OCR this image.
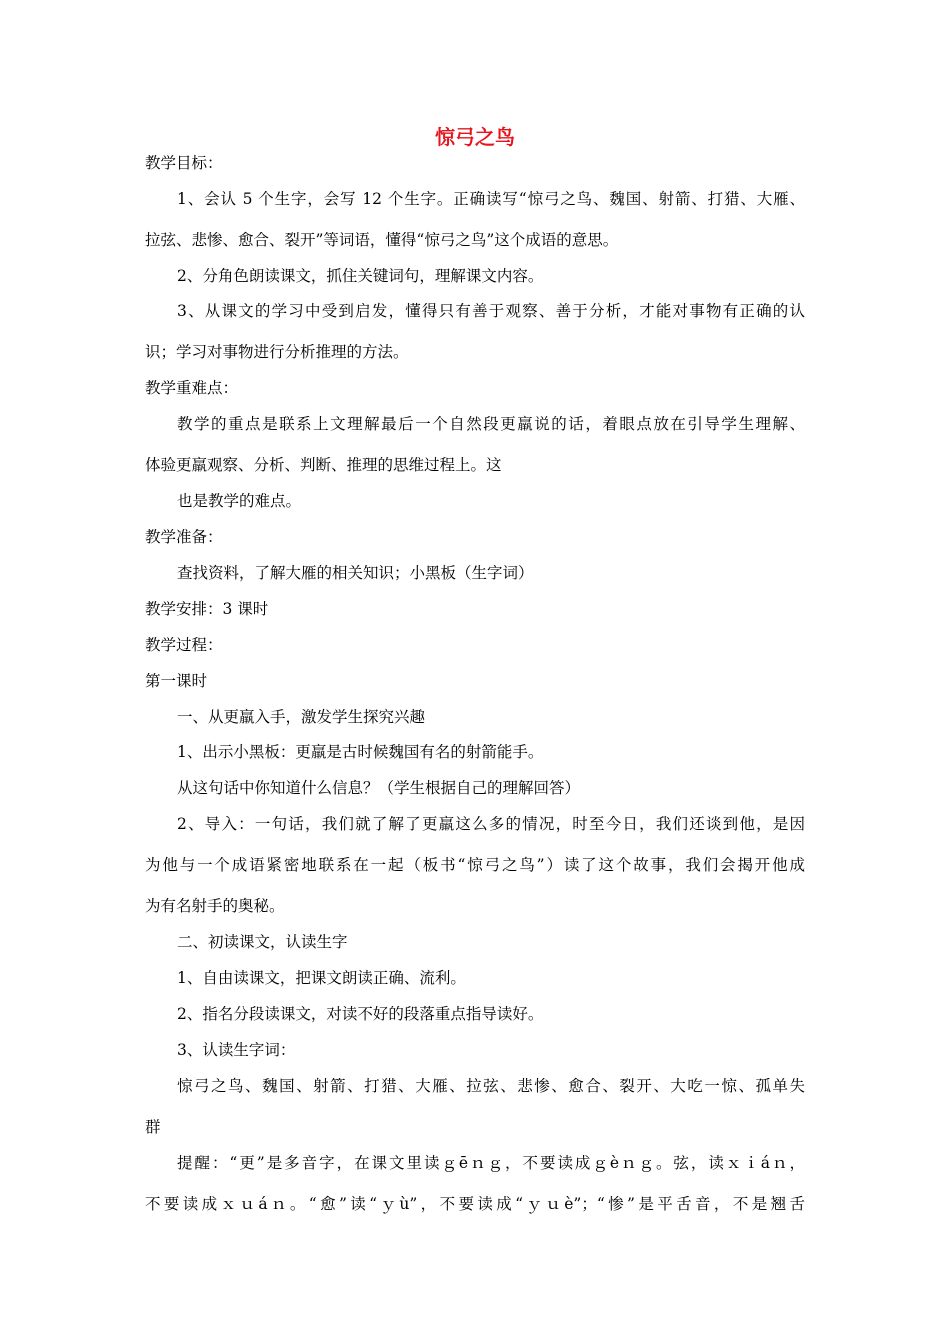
惊弓之鸟
教学目标：
1、会认 5 个生字，会写 12 个生字。正确读写“惊弓之鸟、魏国、射箭、打猎、大雁、
拉弦、悲惨、愈合、裂开”等词语，懂得“惊弓之鸟”这个成语的意思。
2、分角色朗读课文，抓住关键词句，理解课文内容。
3、从课文的学习中受到启发，懂得只有善于观察、善于分析，才能对事物有正确的认
识；学习对事物进行分析推理的方法。
教学重难点：
教学的重点是联系上文理解最后一个自然段更羸说的话，着眼点放在引导学生理解、
体验更羸观察、分析、判断、推理的思维过程上。这
也是教学的难点。
教学准备：
查找资料，了解大雁的相关知识；小黑板（生字词）
教学安排：3 课时
教学过程：
第一课时
一、从更羸入手，激发学生探究兴趣
1、出示小黑板：更羸是古时候魏国有名的射箭能手。
从这句话中你知道什么信息？（学生根据自己的理解回答）
2、导入：一句话，我们就了解了更羸这么多的情况，时至今日，我们还谈到他，是因
为他与一个成语紧密地联系在一起（板书“惊弓之鸟”）读了这个故事，我们会揭开他成
为有名射手的奥秘。
二、初读课文，认读生字
1、自由读课文，把课文朗读正确、流利。
2、指名分段读课文，对读不好的段落重点指导读好。
3、认读生字词：
惊弓之鸟、魏国、射箭、打猎、大雁、拉弦、悲惨、愈合、裂开、大吃一惊、孤单失
群
提醒：“更”是多音字，在课文里读ｇēｎｇ，不要读成ｇèｎｇ。弦，读ｘｉáｎ，
不要读成ｘｕáｎ。“愈”读“ｙù”，不要读成“ｙｕè”；“惨”是平舌音，不是翘舌
